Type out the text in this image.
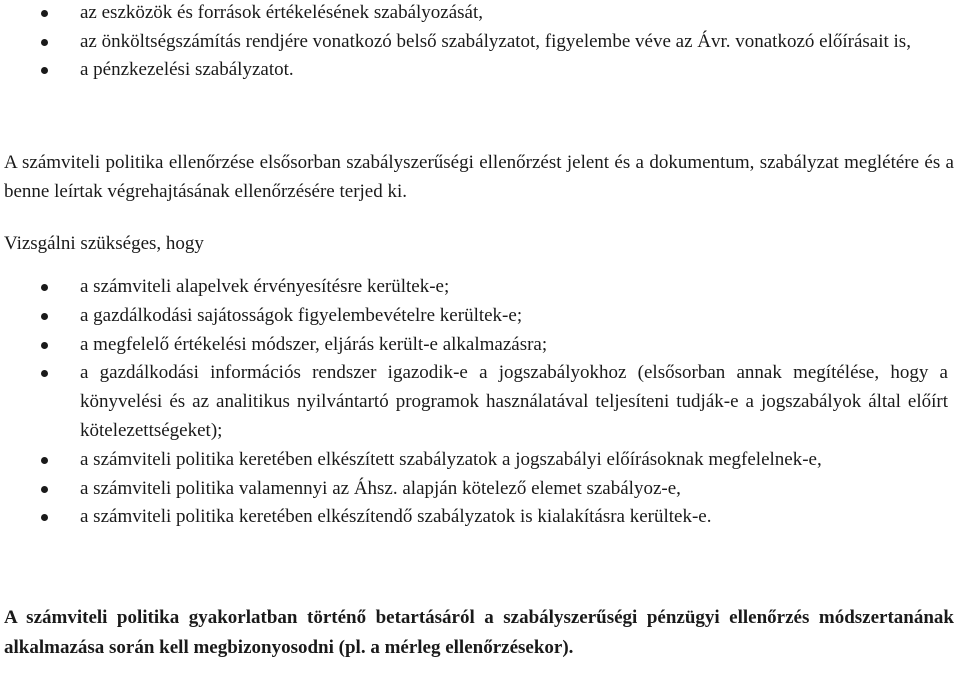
az eszközök és források értékelésének szabályozását,
az önköltségszámítás rendjére vonatkozó belső szabályzatot, figyelembe véve az Ávr. vonatkozó előírásait is,
a pénzkezelési szabályzatot.

A számviteli politika ellenőrzése elsősorban szabályszerűségi ellenőrzést jelent és a dokumentum, szabályzat meglétére és a benne leírtak végrehajtásának ellenőrzésére terjed ki.

Vizsgálni szükséges, hogy

a számviteli alapelvek érvényesítésre kerültek-e;
a gazdálkodási sajátosságok figyelembevételre kerültek-e;
a megfelelő értékelési módszer, eljárás került-e alkalmazásra;
a gazdálkodási információs rendszer igazodik-e a jogszabályokhoz (elsősorban annak megítélése, hogy a könyvelési és az analitikus nyilvántartó programok használatával teljesíteni tudják-e a jogszabályok által előírt kötelezettségeket);
a számviteli politika keretében elkészített szabályzatok a jogszabályi előírásoknak megfelelnek-e,
a számviteli politika valamennyi az Áhsz. alapján kötelező elemet szabályoz-e,
a számviteli politika keretében elkészítendő szabályzatok is kialakításra kerültek-e.

A számviteli politika gyakorlatban történő betartásáról a szabályszerűségi pénzügyi ellenőrzés módszertanának alkalmazása során kell megbizonyosodni (pl. a mérleg ellenőrzésekor).
